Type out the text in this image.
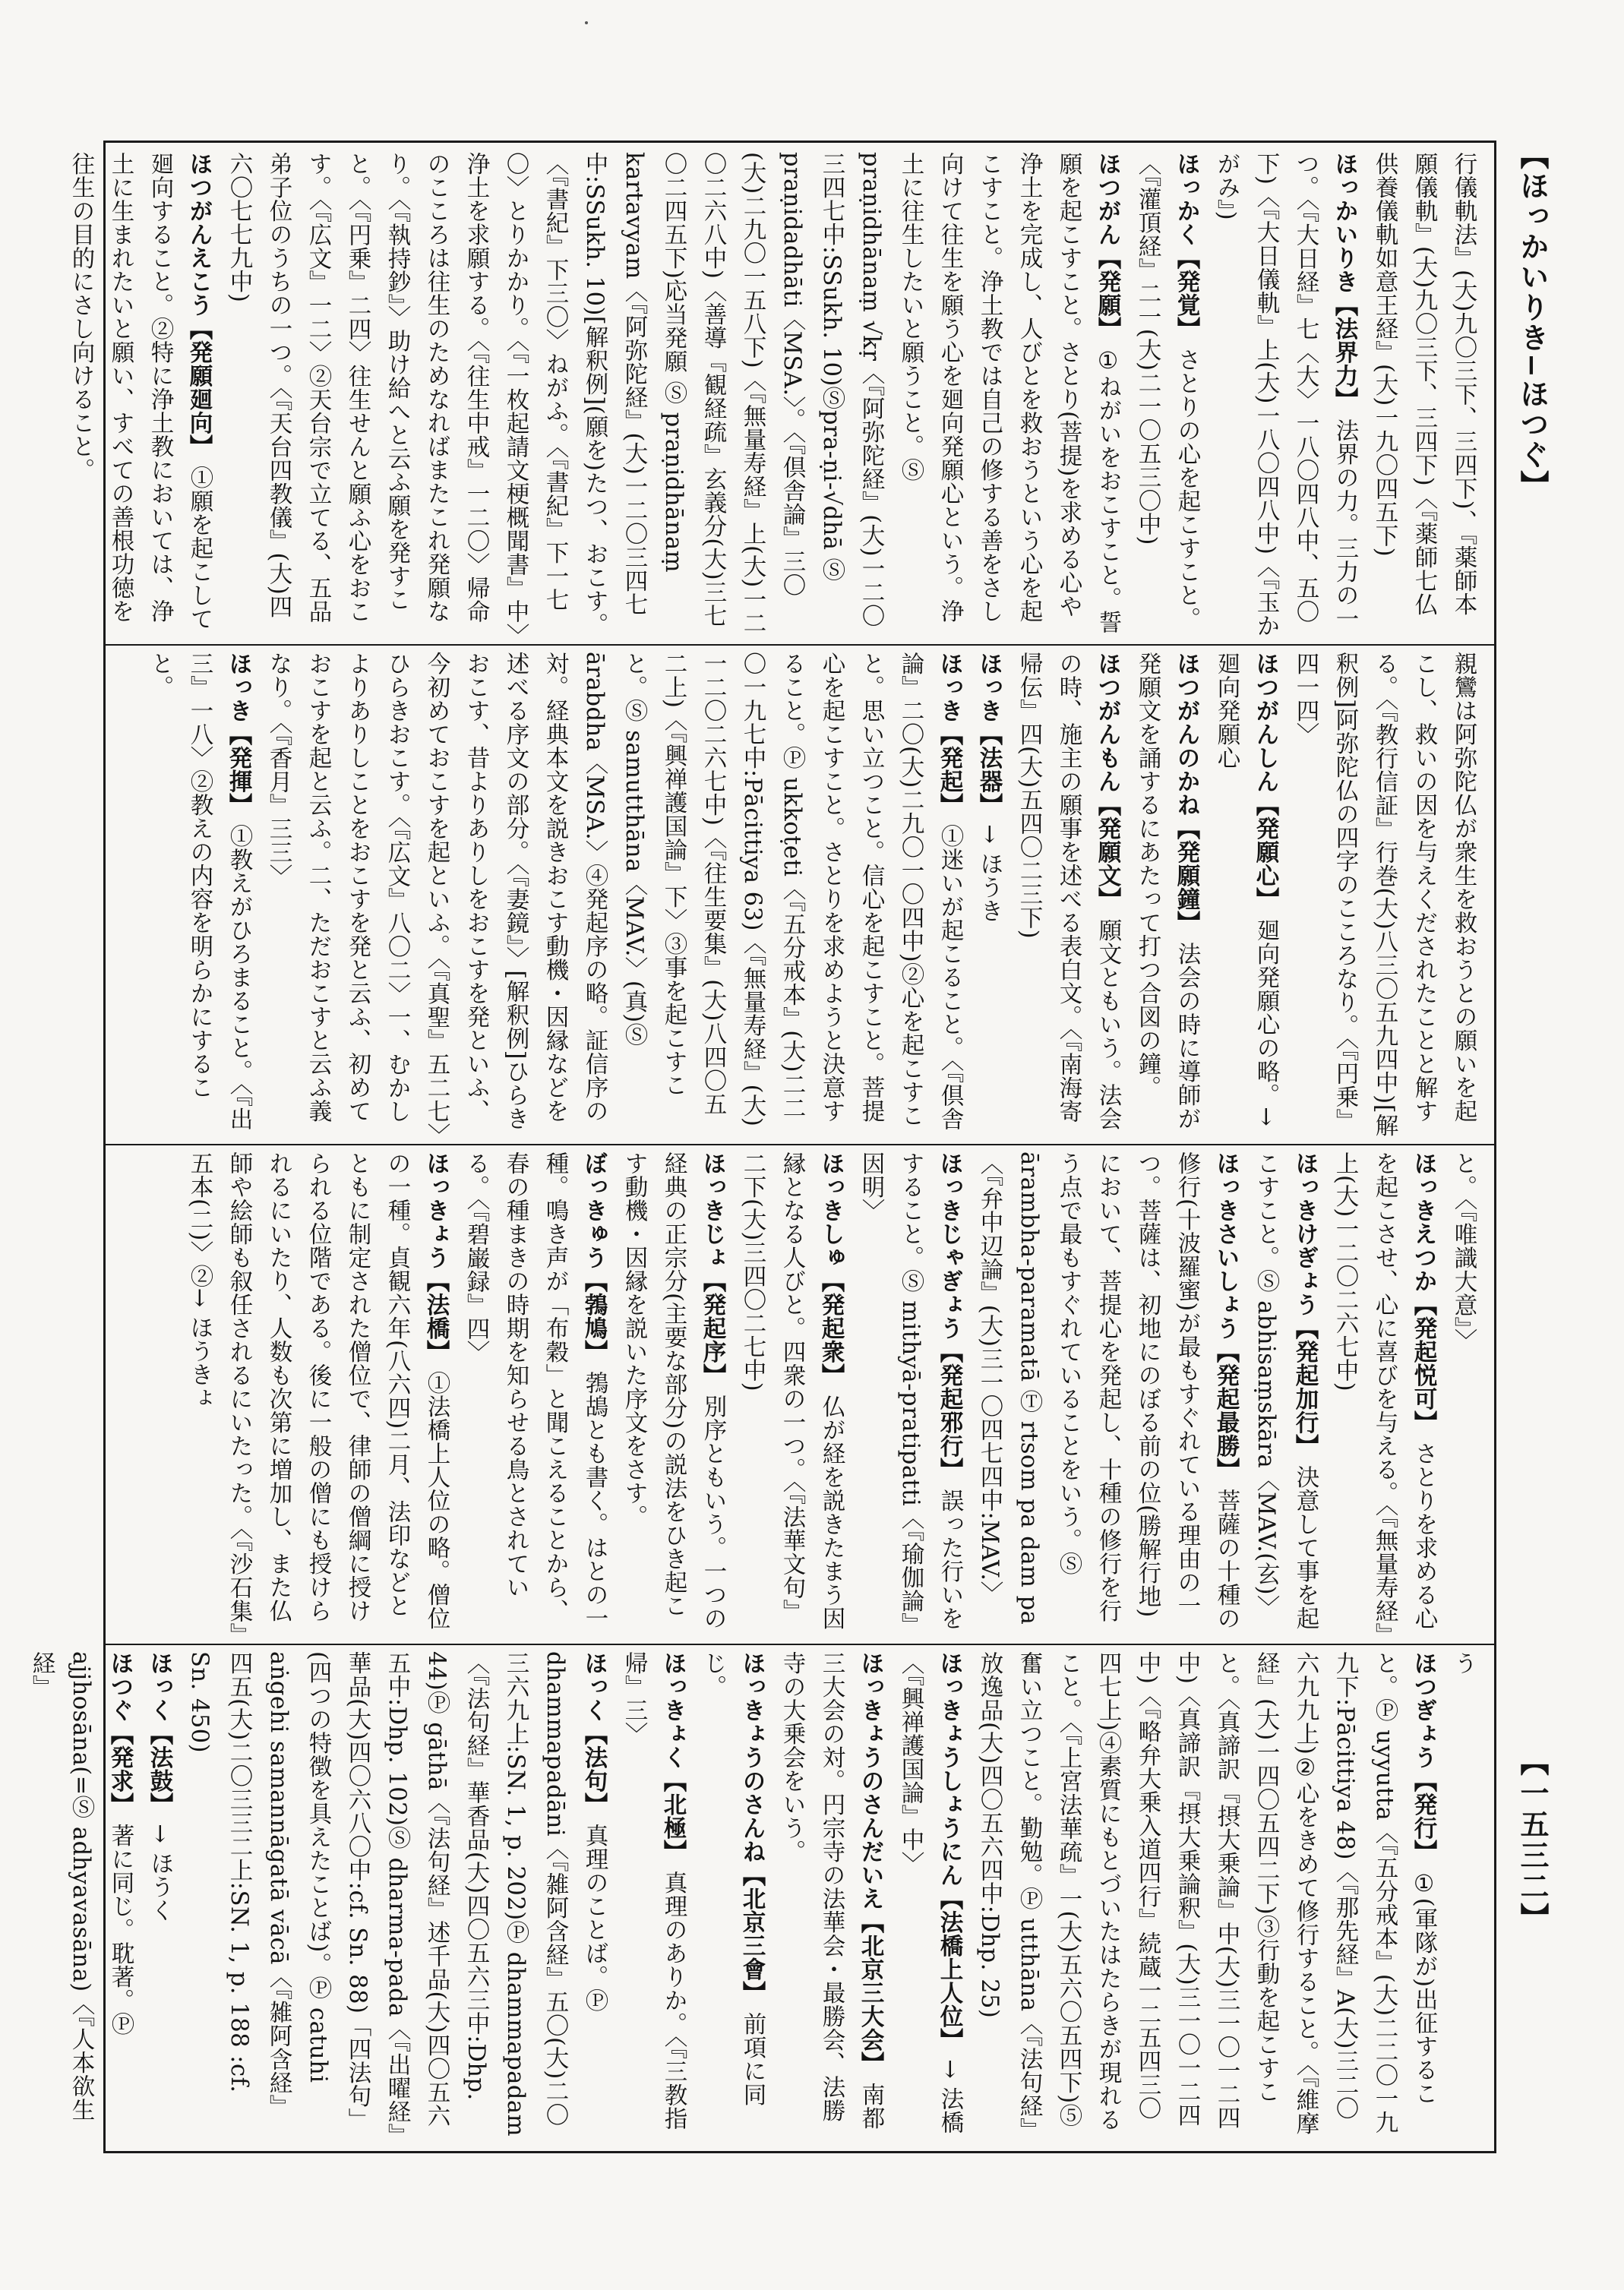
【ほっかいりき−ほつぐ】
【一五三二】

行儀軌法』(大)九〇三下、三四下)、『薬師本願儀軌』(大)九〇三下、三四下)〈『薬師七仏供養儀軌如意王経』(大)一九〇四五下)

ほっかいりき【法界力】 法界の力。三力の一つ。〈『大日経』七〈大〉一八〇四八中、五〇下)〈『大日儀軌』上(大)一八〇四八中)〈『玉かがみ』)

ほっかく【発覚】 さとりの心を起こすこと。〈『灌頂経』二一(大)二一〇五三〇中)

ほつがん【発願】 ①ねがいをおこすこと。誓願を起こすこと。さとり(菩提)を求める心や浄土を完成し、人びとを救おうという心を起こすこと。浄土教では自己の修する善をさし向けて往生を願う心を廻向発願心という。浄土に往生したいと願うこと。Ⓢ praṇidhānaṃ √kṛ〈『阿弥陀経』(大)一二〇三四七中:SSukh. 10)Ⓢpra-ṇi-√dhā Ⓢ praṇidadhāti〈MSA.〉。〈『倶舎論』三〇(大)二九〇一五八下)〈『無量寿経』上(大)一二〇二六八中)〈善導『観経疏』玄義分(大)三七〇二四五下)応当発願 Ⓢ praṇidhānaṃ kartavyam〈『阿弥陀経』(大)一二〇三四七中:SSukh. 10)[解釈例](願を)たつ、おこす。〈『書紀』下三〇〉ねがふ。〈『書紀』下一七〇〉とりかかり。〈『一枚起請文梗概聞書』中〉浄土を求願する。〈『往生中戒』一二〇〉帰命のこころは往生のためなればまたこれ発願なり。〈『執持鈔』〉助け給へと云ふ願を発すこと。〈『円乗』二四〉往生せんと願ふ心をおこす。〈『広文』一二〉②天台宗で立てる、五品弟子位のうちの一つ。〈『天台四教儀』(大)四六〇七七九中)

ほつがんえこう【発願廻向】 ①願を起こして廻向すること。②特に浄土教においては、浄土に生まれたいと願い、すべての善根功徳を往生の目的にさし向けること。

親鸞は阿弥陀仏が衆生を救おうとの願いを起こし、救いの因を与えくだされたことと解する。〈『教行信証』行巻(大)八三〇五九四中)[解釈例]阿弥陀仏の四字のこころなり。〈『円乗』四一四〉

ほつがんしん【発願心】 廻向発願心の略。→ 廻向発願心

ほつがんのかね【発願鐘】 法会の時に導師が発願文を誦するにあたって打つ合図の鐘。

ほつがんもん【発願文】 願文ともいう。法会の時、施主の願事を述べる表白文。〈『南海寄帰伝』四(大)五四〇二三下)

ほっき【法器】 → ほうき

ほっき【発起】 ①迷いが起こること。〈『倶舎論』二〇(大)二九〇一〇四中)②心を起こすこと。思い立つこと。信心を起こすこと。菩提心を起こすこと。さとりを求めようと決意すること。Ⓟ ukkoṭeti〈『五分戒本』(大)二二〇一九七中:Pācittiya 63)〈『無量寿経』(大)一二〇二六七中)〈『往生要集』(大)八四〇五二上)〈『興禅護国論』下〉③事を起こすこと。Ⓢ samutthāna〈MAV.〉(真)Ⓢ ārabdha〈MSA.〉④発起序の略。証信序の対。経典本文を説きおこす動機・因縁などを述べる序文の部分。〈『妻鏡』〉[解釈例]ひらきおこす、昔よりありしをおこすを発といふ、今初めておこすを起といふ。〈『真聖』五二七〉ひらきおこす。〈『広文』八〇二〉一、むかしよりありしことをおこすを発と云ふ、初めておこすを起と云ふ。二、ただおこすと云ふ義なり。〈『香月』三三〉

ほっき【発揮】 ①教えがひろまること。〈『出三』一八〉②教えの内容を明らかにすること。

と。〈『唯識大意』〉

ほっきえつか【発起悦可】 さとりを求める心を起こさせ、心に喜びを与える。〈『無量寿経』上(大)一二〇二六七中)

ほっきけぎょう【発起加行】 決意して事を起こすこと。Ⓢ abhisaṃskāra〈MAV.(玄)〉

ほっきさいしょう【発起最勝】 菩薩の十種の修行(十波羅蜜)が最もすぐれている理由の一つ。菩薩は、初地にのぼる前の位(勝解行地)において、菩提心を発起し、十種の修行を行う点で最もすぐれていることをいう。Ⓢ ārambha-paramatā Ⓣ rtsom pa dam pa〈『弁中辺論』(大)三一〇四七四中:MAV.〉

ほっきじゃぎょう【発起邪行】 誤った行いをすること。Ⓢ mithyā-pratipatti〈『瑜伽論』因明〉

ほっきしゅ【発起衆】 仏が経を説きたまう因縁となる人びと。四衆の一つ。〈『法華文句』二下(大)三四〇二七中)

ほっきじょ【発起序】 別序ともいう。一つの経典の正宗分(主要な部分)の説法をひき起こす動機・因縁を説いた序文をさす。

ぼっきゅう【鵓鳩】 鵓鴣とも書く。はとの一種。鳴き声が「布穀」と聞こえることから、春の種まきの時期を知らせる鳥とされている。〈『碧巌録』四〉

ほっきょう【法橋】 ①法橋上人位の略。僧位の一種。貞観六年(八六四)二月、法印などとともに制定された僧位で、律師の僧綱に授けられる位階である。後に一般の僧にも授けられるにいたり、人数も次第に増加し、また仏師や絵師も叙任されるにいたった。〈『沙石集』五本(二)〉②→ ほうきょ

う

ほつぎょう【発行】 ①(軍隊が)出征すること。Ⓟ uyyutta〈『五分戒本』(大)二二〇一九九下:Pācittiya 48)〈『那先経』A(大)三二〇六九九上)②心をきめて修行すること。〈『維摩経』(大)一四〇五四二下)③行動を起こすこと。〈真諦訳『摂大乗論』中(大)三一〇一二四中)〈真諦訳『摂大乗論釈』(大)三一〇一二四中)〈『略弁大乗入道四行』続蔵一二五四三〇四七上)④素質にもとづいたはたらきが現れること。〈『上宮法華疏』一(大)五六〇五四下)⑤奮い立つこと。勤勉。Ⓟ utthāna〈『法句経』放逸品(大)四〇五六四中:Dhp. 25)

ほっきょうしょうにん【法橋上人位】 → 法橋〈『興禅護国論』中〉

ほっきょうのさんだいえ【北京三大会】 南都三大会の対。円宗寺の法華会・最勝会、法勝寺の大乗会をいう。

ほっきょうのさんね【北京三會】 前項に同じ。

ほっきょく【北極】 真理のありか。〈『三教指帰』三〉

ほっく【法句】 真理のことば。Ⓟ dhammapadāni〈『雑阿含経』五〇(大)二〇三六九上:SN. 1, p. 202)Ⓟ dhammapadam〈『法句経』華香品(大)四〇五六三中:Dhp. 44)Ⓟ gāthā〈『法句経』述千品(大)四〇五六五中:Dhp. 102)Ⓢ dharma-pada〈『出曜経』華品(大)四〇六八〇中:cf. Sn. 88)「四法句」(四つの特徴を具えたことば)。Ⓟ catuhi aṅgehi samannāgatā vācā〈『雑阿含経』四五(大)二〇三三二上:SN. 1, p. 188 :cf. Sn. 450)

ほっく【法鼓】 → ほうく

ほつぐ【発求】 著に同じ。耽著。Ⓟ ajjhosāna(=Ⓢ adhyavasāna)〈『人本欲生経』
